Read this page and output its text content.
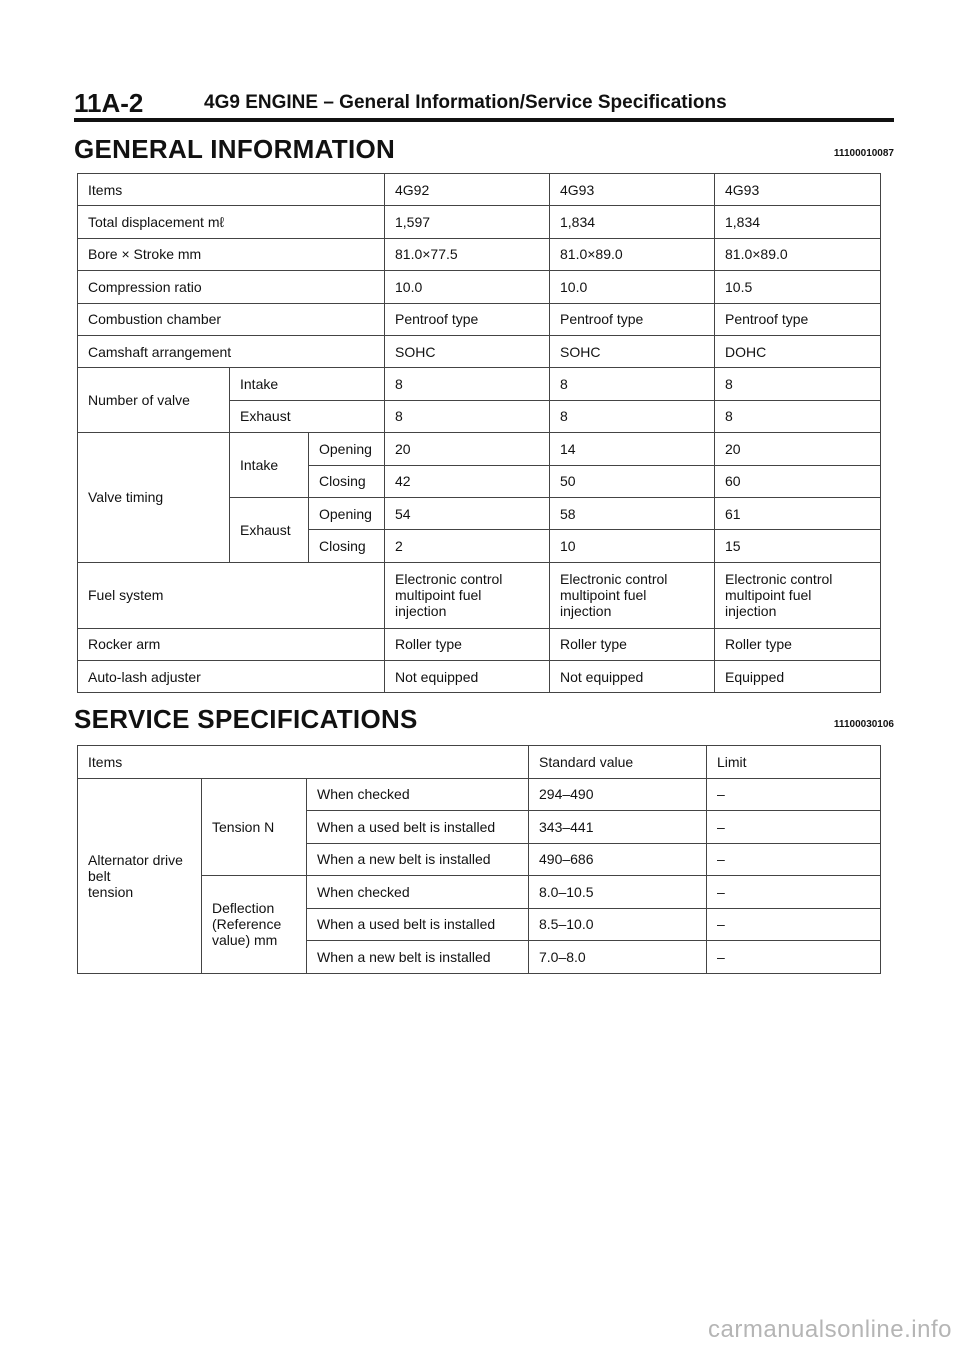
11A-2	4G9 ENGINE – General Information/Service Specifications
GENERAL INFORMATION	11100010087
Items			4G92	4G93	4G93
Total displacement mℓ			1,597	1,834	1,834
Bore × Stroke mm			81.0×77.5	81.0×89.0	81.0×89.0
Compression ratio			10.0	10.0	10.5
Combustion chamber			Pentroof type	Pentroof type	Pentroof type
Camshaft arrangement			SOHC	SOHC	DOHC
Number of valve	Intake		8	8	8
	Exhaust		8	8	8
Valve timing	Intake	Opening	20	14	20
		Closing	42	50	60
	Exhaust	Opening	54	58	61
		Closing	2	10	15
Fuel system			Electronic control
multipoint fuel
injection	Electronic control
multipoint fuel
injection	Electronic control
multipoint fuel
injection
Rocker arm			Roller type	Roller type	Roller type
Auto-lash adjuster			Not equipped	Not equipped	Equipped
SERVICE SPECIFICATIONS	11100030106
Items			Standard value	Limit
Alternator drive
belt
tension	Tension N	When checked	294–490	–
		When a used belt is installed	343–441	–
		When a new belt is installed	490–686	–
	Deflection
(Reference
value) mm	When checked	8.0–10.5	–
		When a used belt is installed	8.5–10.0	–
		When a new belt is installed	7.0–8.0	–
carmanualsonline.info
